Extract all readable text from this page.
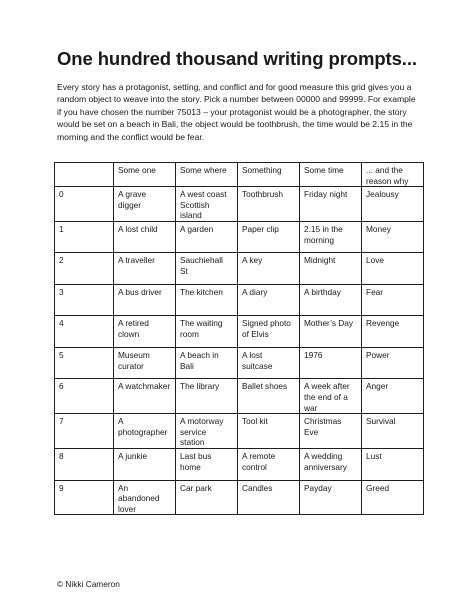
One hundred thousand writing prompts...

Every story has a protagonist, setting, and conflict and for good measure this grid gives you a random object to weave into the story. Pick a number between 00000 and 99999. For example if you have chosen the number 75013 – your protagonist would be a photographer, the story would be set on a beach in Bali, the object would be toothbrush, the time would be 2.15 in the morning and the conflict would be fear.

	Some one	Some where	Something	Some time	... and the reason why
0	A grave digger	A west coast Scottish island	Toothbrush	Friday night	Jealousy
1	A lost child	A garden	Paper clip	2.15 in the morning	Money
2	A traveller	Sauchiehall St	A key	Midnight	Love
3	A bus driver	The kitchen	A diary	A birthday	Fear
4	A retired clown	The waiting room	Signed photo of Elvis	Mother’s Day	Revenge
5	Museum curator	A beach in Bali	A lost suitcase	1976	Power
6	A watchmaker	The library	Ballet shoes	A week after the end of a war	Anger
7	A photographer	A motorway service station	Tool kit	Christmas Eve	Survival
8	A junkie	Last bus home	A remote control	A wedding anniversary	Lust
9	An abandoned lover	Car park	Candles	Payday	Greed
© Nikki Cameron
